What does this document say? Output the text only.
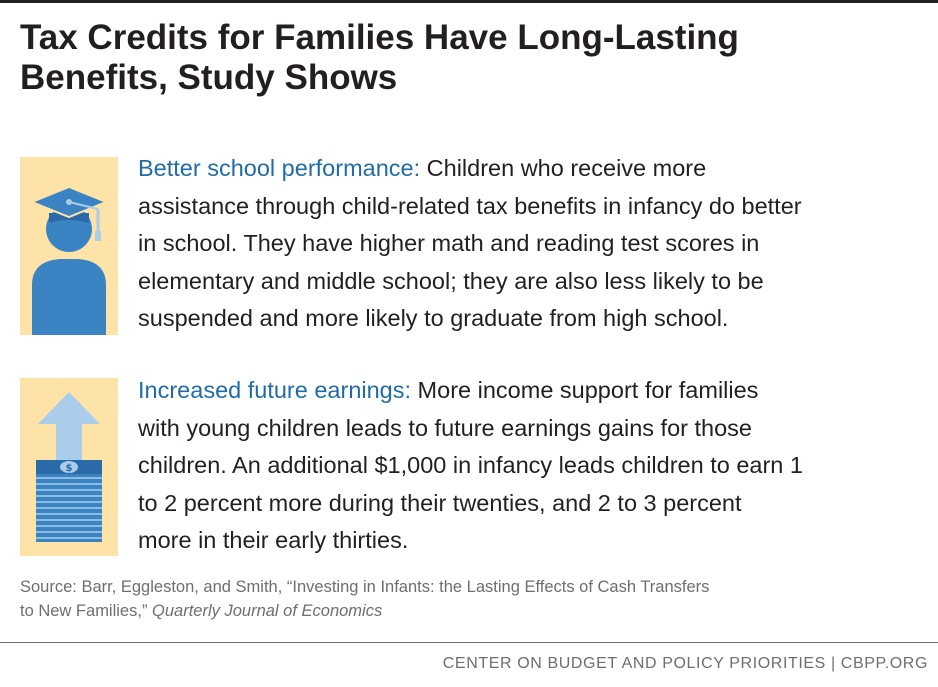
Tax Credits for Families Have Long-Lasting
Benefits, Study Shows

Better school performance: Children who receive more
assistance through child-related tax benefits in infancy do better
in school. They have higher math and reading test scores in
elementary and middle school; they are also less likely to be
suspended and more likely to graduate from high school.

$

Increased future earnings: More income support for families
with young children leads to future earnings gains for those
children. An additional $1,000 in infancy leads children to earn 1
to 2 percent more during their twenties, and 2 to 3 percent
more in their early thirties.

Source: Barr, Eggleston, and Smith, “Investing in Infants: the Lasting Effects of Cash Transfers
to New Families,” Quarterly Journal of Economics
CENTER ON BUDGET AND POLICY PRIORITIES | CBPP.ORG
